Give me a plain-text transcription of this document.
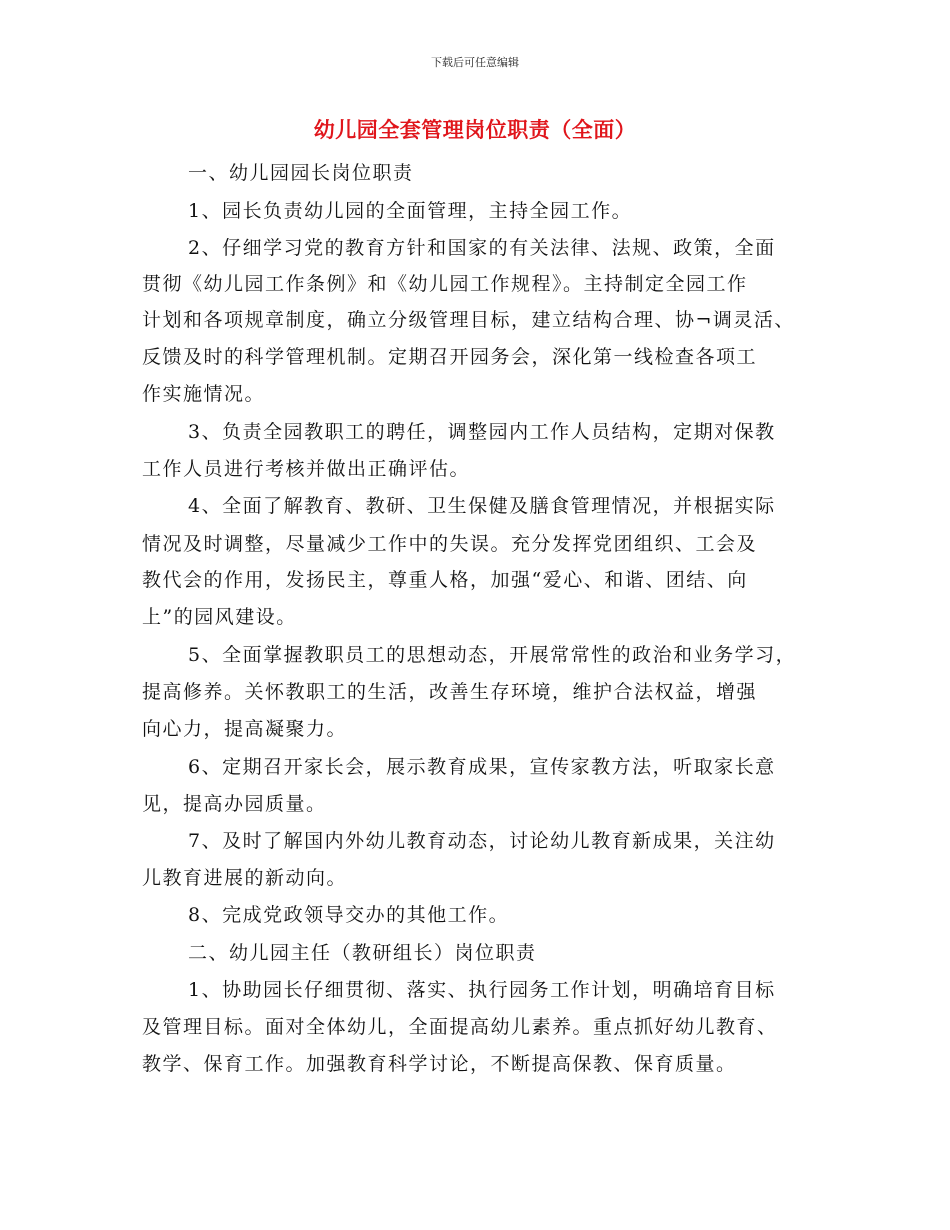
下载后可任意编辑
幼儿园全套管理岗位职责（全面）
一、幼儿园园长岗位职责
1、园长负责幼儿园的全面管理，主持全园工作。
2、仔细学习党的教育方针和国家的有关法律、法规、政策，全面
贯彻《幼儿园工作条例》和《幼儿园工作规程》。主持制定全园工作
计划和各项规章制度，确立分级管理目标，建立结构合理、协¬调灵活、
反馈及时的科学管理机制。定期召开园务会，深化第一线检查各项工
作实施情况。
3、负责全园教职工的聘任，调整园内工作人员结构，定期对保教
工作人员进行考核并做出正确评估。
4、全面了解教育、教研、卫生保健及膳食管理情况，并根据实际
情况及时调整，尽量减少工作中的失误。充分发挥党团组织、工会及
教代会的作用，发扬民主，尊重人格，加强“爱心、和谐、团结、向
上”的园风建设。
5、全面掌握教职员工的思想动态，开展常常性的政治和业务学习，
提高修养。关怀教职工的生活，改善生存环境，维护合法权益，增强
向心力，提高凝聚力。
6、定期召开家长会，展示教育成果，宣传家教方法，听取家长意
见，提高办园质量。
7、及时了解国内外幼儿教育动态，讨论幼儿教育新成果，关注幼
儿教育进展的新动向。
8、完成党政领导交办的其他工作。
二、幼儿园主任（教研组长）岗位职责
1、协助园长仔细贯彻、落实、执行园务工作计划，明确培育目标
及管理目标。面对全体幼儿，全面提高幼儿素养。重点抓好幼儿教育、
教学、保育工作。加强教育科学讨论，不断提高保教、保育质量。
